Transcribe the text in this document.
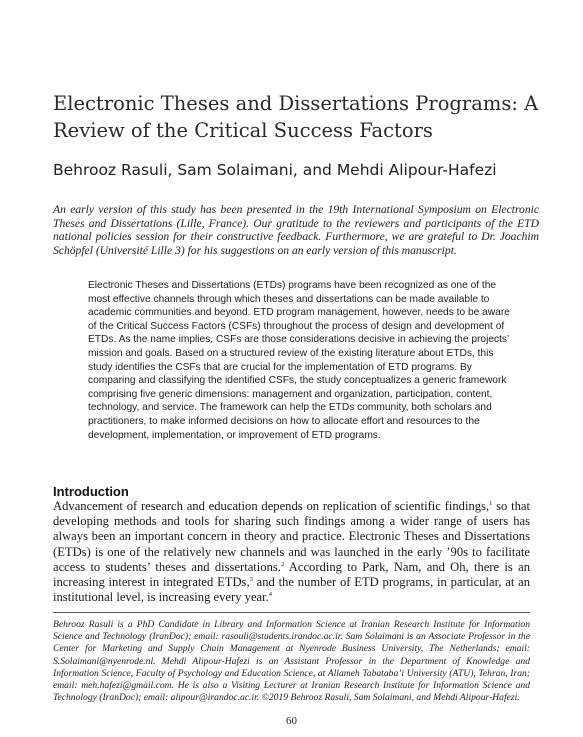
Electronic Theses and Dissertations Programs: A Review of the Critical Success Factors

Behrooz Rasuli, Sam Solaimani, and Mehdi Alipour-Hafezi

An early version of this study has been presented in the 19th International Symposium on Electronic Theses and Dissertations (Lille, France). Our gratitude to the reviewers and participants of the ETD national policies session for their constructive feedback. Furthermore, we are grateful to Dr. Joachim Schöpfel (Université Lille 3) for his suggestions on an early version of this manuscript.

Electronic Theses and Dissertations (ETDs) programs have been recognized as one of the most effective channels through which theses and dissertations can be made available to academic communities and beyond. ETD program management, however, needs to be aware of the Critical Success Factors (CSFs) throughout the process of design and development of ETDs. As the name implies, CSFs are those considerations decisive in achieving the projects’ mission and goals. Based on a structured review of the existing literature about ETDs, this study identifies the CSFs that are crucial for the implementation of ETD programs. By comparing and classifying the identified CSFs, the study conceptualizes a generic framework comprising five generic dimensions: management and organization, participation, content, technology, and service. The framework can help the ETDs community, both scholars and practitioners, to make informed decisions on how to allocate effort and resources to the development, implementation, or improvement of ETD programs.

Introduction

Advancement of research and education depends on replication of scientific findings,$^1$ so that developing methods and tools for sharing such findings among a wider range of users has always been an important concern in theory and practice. Electronic Theses and Dissertations (ETDs) is one of the relatively new channels and was launched in the early ’90s to facilitate access to students’ theses and dissertations.$^2$ According to Park, Nam, and Oh, there is an increasing interest in integrated ETDs,$^3$ and the number of ETD programs, in particular, at an institutional level, is increasing every year.$^4$

Behrooz Rasuli is a PhD Candidate in Library and Information Science at Iranian Research Institute for Information Science and Technology (IranDoc); email: rasouli@students.irandoc.ac.ir. Sam Solaimani is an Associate Professor in the Center for Marketing and Supply Chain Management at Nyenrode Business University, The Netherlands; email: S.Solaimani@nyenrode.nl. Mehdi Alipour-Hafezi is an Assistant Professor in the Department of Knowledge and Information Science, Faculty of Psychology and Education Science, at Allameh Tabataba’i University (ATU), Tehran, Iran; email: meh.hafezi@gmail.com. He is also a Visiting Lecturer at Iranian Research Institute for Information Science and Technology (IranDoc); email: alipour@irandoc.ac.ir. ©2019 Behrooz Rasuli, Sam Solaimani, and Mehdi Alipour-Hafezi.

60
